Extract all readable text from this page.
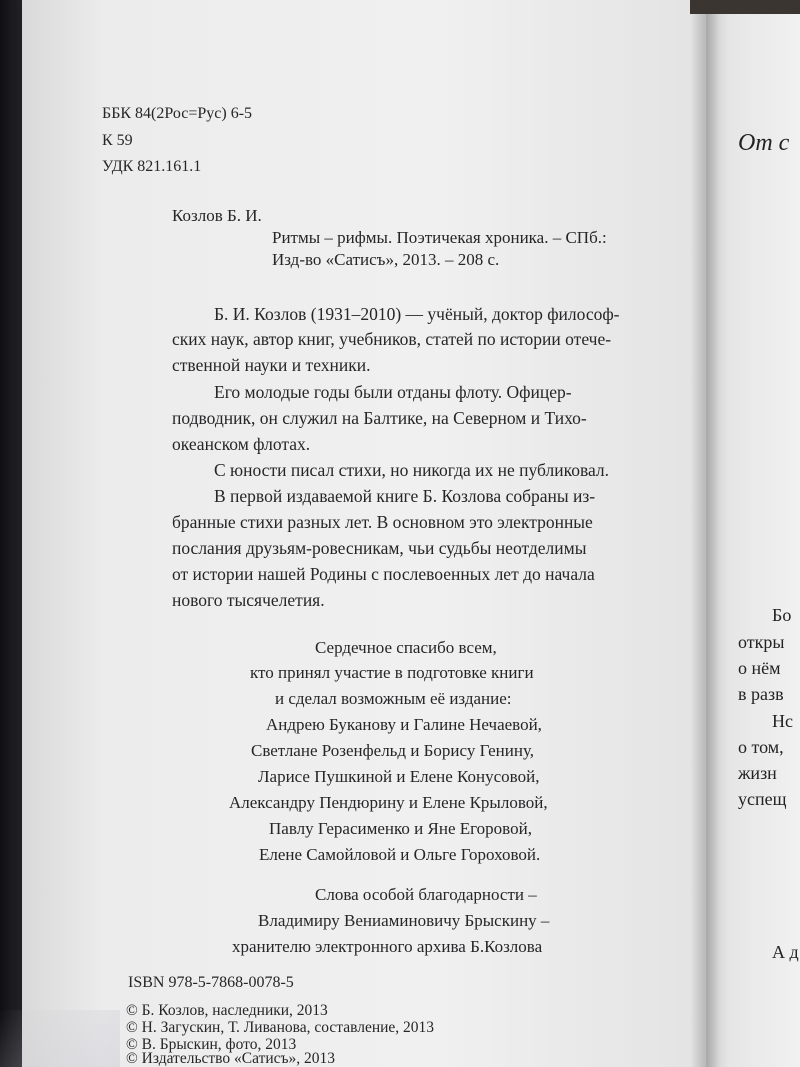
ББК 84(2Рос=Рус) 6-5
К 59
УДК 821.161.1
Козлов Б. И.
Ритмы – рифмы. Поэтичекая хроника. – СПб.:
Изд-во «Сатисъ», 2013. – 208 с.
Б. И. Козлов (1931–2010) — учёный, доктор философ-
ских наук, автор книг, учебников, статей по истории отече-
ственной науки и техники.
Его молодые годы были отданы флоту. Офицер-
подводник, он служил на Балтике, на Северном и Тихо-
океанском флотах.
С юности писал стихи, но никогда их не публиковал.
В первой издаваемой книге Б. Козлова собраны из-
бранные стихи разных лет. В основном это электронные
послания друзьям-ровесникам, чьи судьбы неотделимы
от истории нашей Родины с послевоенных лет до начала
нового тысячелетия.
Сердечное спасибо всем,
кто принял участие в подготовке книги
и сделал возможным её издание:
Андрею Буканову и Галине Нечаевой,
Светлане Розенфельд и Борису Генину,
Ларисе Пушкиной и Елене Конусовой,
Александру Пендюрину и Елене Крыловой,
Павлу Герасименко и Яне Егоровой,
Елене Самойловой и Ольге Гороховой.
Слова особой благодарности –
Владимиру Вениаминовичу Брыскину –
хранителю электронного архива Б.Козлова
ISBN 978-5-7868-0078-5
© Б. Козлов, наследники, 2013
© Н. Загускин, Т. Ливанова, составление, 2013
© В. Брыскин, фото, 2013
От с
Бо
откры
о нём
в разв
Нс
о том,
жизн
успещ
А д
© Издательство «Сатисъ», 2013
